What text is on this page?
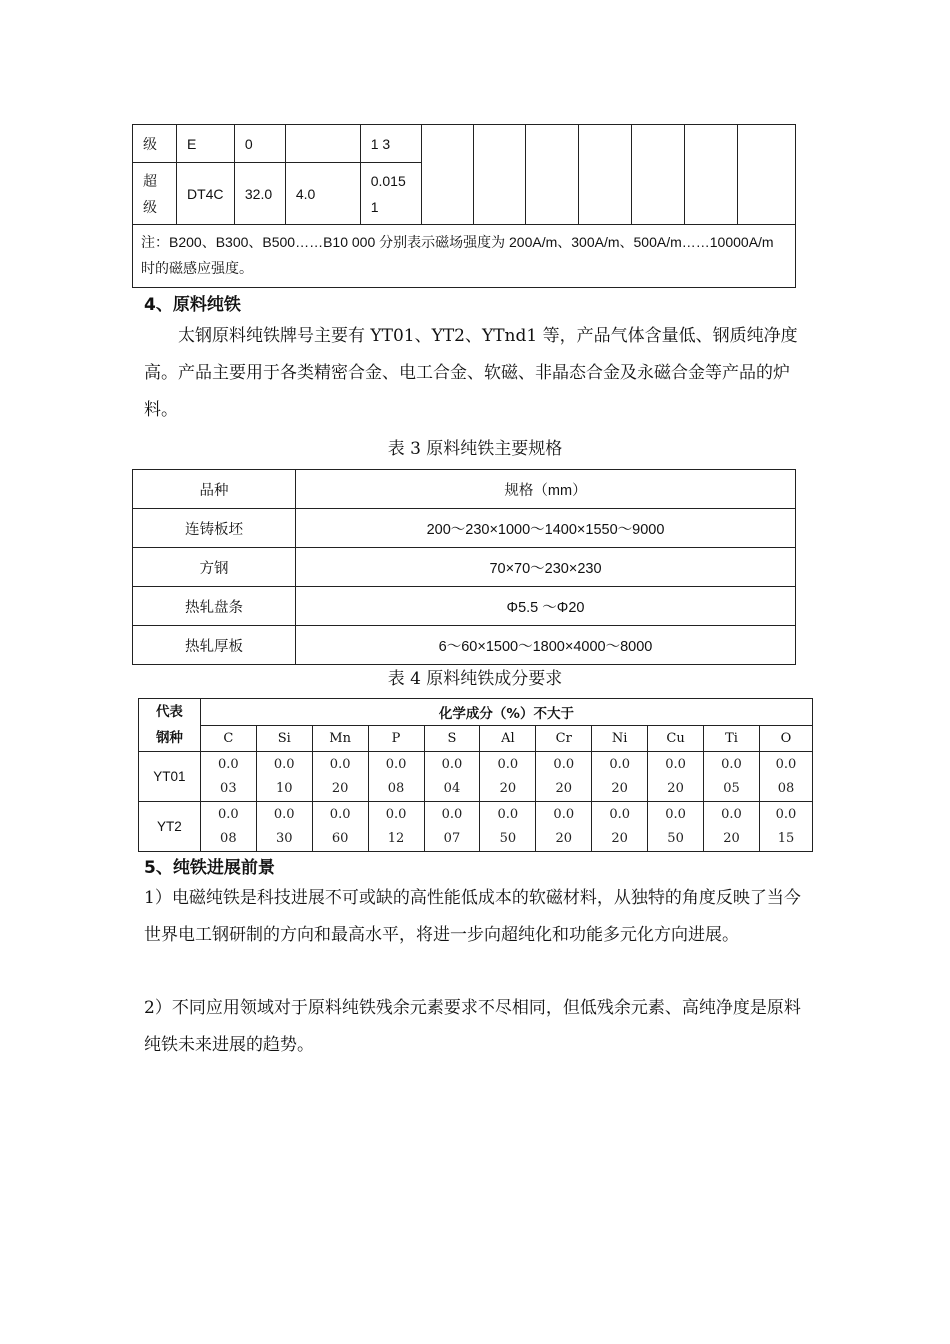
级	E	0		1 3							
超级	DT4C	32.0	4.0	0.015 1							
注：B200、B300、B500……B10 000 分别表示磁场强度为 200A/m、300A/m、500A/m……10000A/m 时的磁感应强度。											
4、原料纯铁
太钢原料纯铁牌号主要有 YT01、YT2、YTnd1 等，产品气体含量低、钢质纯净度高。产品主要用于各类精密合金、电工合金、软磁、非晶态合金及永磁合金等产品的炉料。
表 3 原料纯铁主要规格
品种	规格（mm）
连铸板坯	200～230×1000～1400×1550～9000
方钢	70×70～230×230
热轧盘条	Φ5.5 ～Φ20
热轧厚板	6～60×1500～1800×4000～8000
表 4 原料纯铁成分要求
代表钢种	化学成分（%）不大于										
	C	Si	Mn	P	S	Al	Cr	Ni	Cu	Ti	O
YT01	0.003	0.010	0.020	0.008	0.004	0.020	0.020	0.020	0.020	0.005	0.008
YT2	0.008	0.030	0.060	0.012	0.007	0.050	0.020	0.020	0.050	0.020	0.015
5、纯铁进展前景
1）电磁纯铁是科技进展不可或缺的高性能低成本的软磁材料，从独特的角度反映了当今世界电工钢研制的方向和最高水平，将进一步向超纯化和功能多元化方向进展。
2）不同应用领域对于原料纯铁残余元素要求不尽相同，但低残余元素、高纯净度是原料纯铁未来进展的趋势。
